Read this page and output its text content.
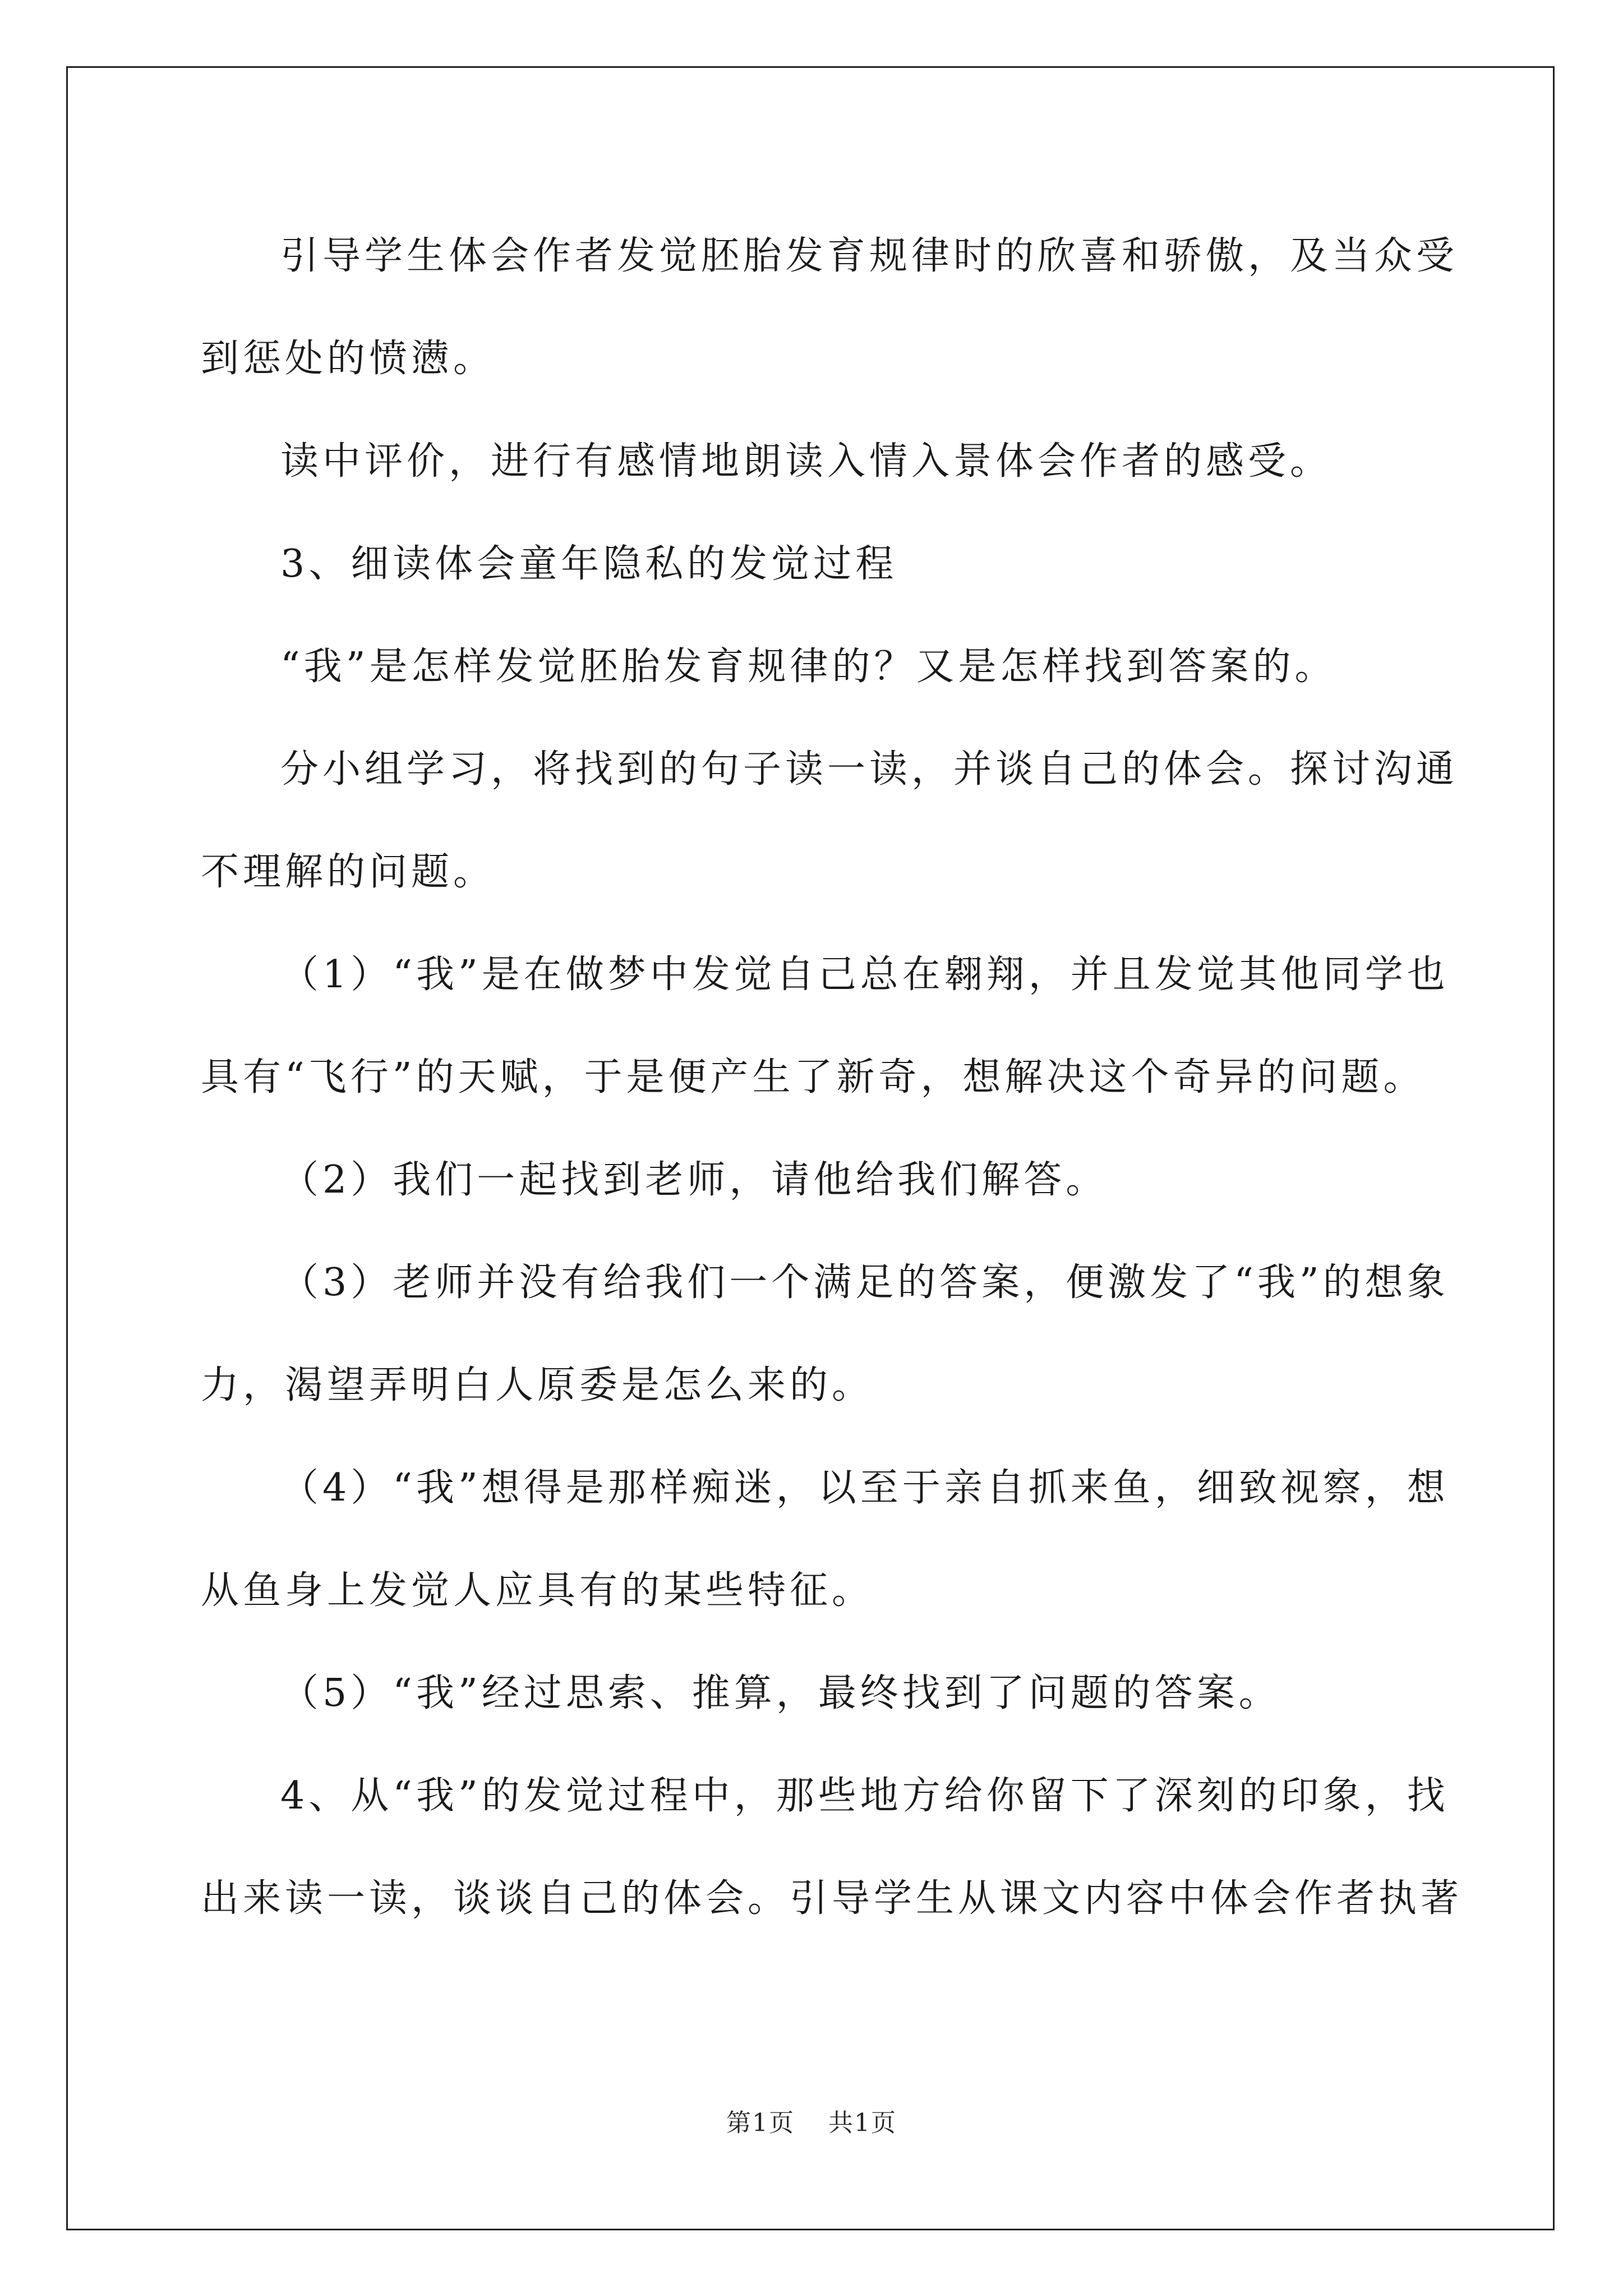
引导学生体会作者发觉胚胎发育规律时的欣喜和骄傲，及当众受

到惩处的愤懑。

读中评价，进行有感情地朗读入情入景体会作者的感受。

3、细读体会童年隐私的发觉过程

“我”是怎样发觉胚胎发育规律的？又是怎样找到答案的。

分小组学习，将找到的句子读一读，并谈自己的体会。探讨沟通

不理解的问题。

（1）“我”是在做梦中发觉自己总在翱翔，并且发觉其他同学也

具有“飞行”的天赋，于是便产生了新奇，想解决这个奇异的问题。

（2）我们一起找到老师，请他给我们解答。

（3）老师并没有给我们一个满足的答案，便激发了“我”的想象

力，渴望弄明白人原委是怎么来的。

（4）“我”想得是那样痴迷，以至于亲自抓来鱼，细致视察，想

从鱼身上发觉人应具有的某些特征。

（5）“我”经过思索、推算，最终找到了问题的答案。

4、从“我”的发觉过程中，那些地方给你留下了深刻的印象，找

出来读一读，谈谈自己的体会。引导学生从课文内容中体会作者执著

第1页 共1页
